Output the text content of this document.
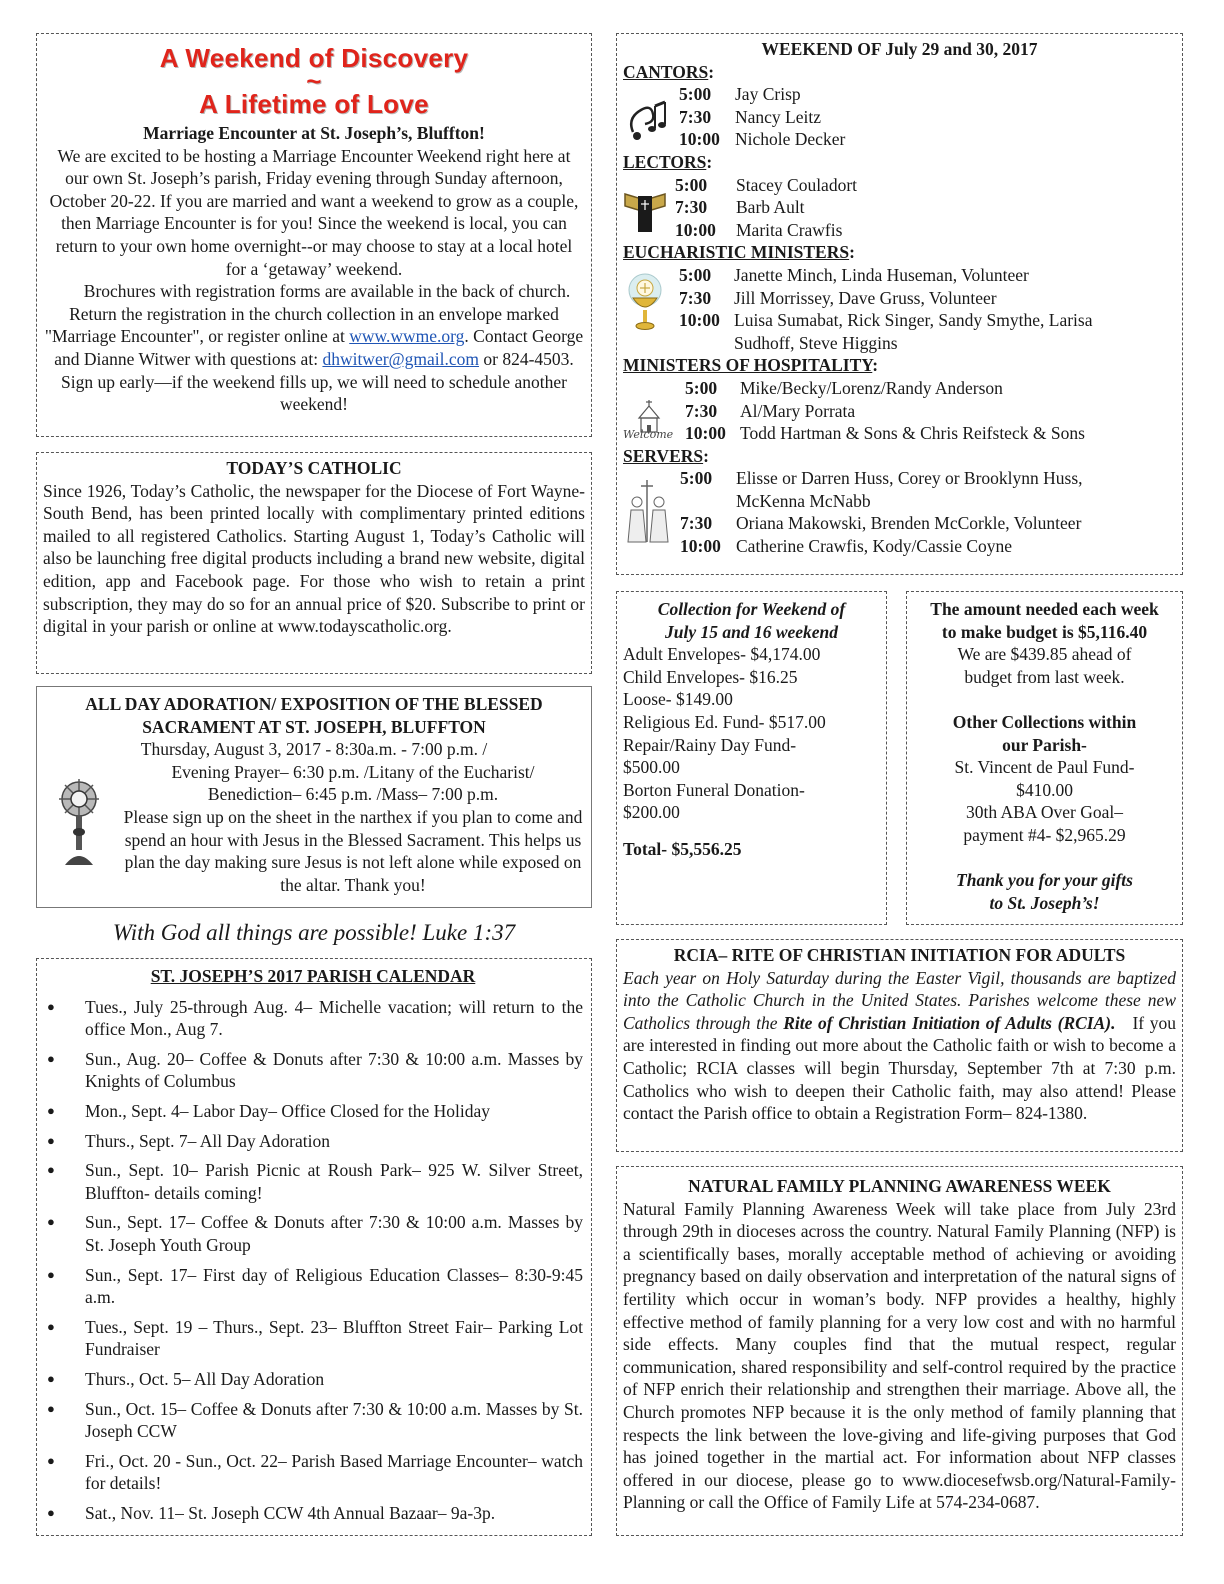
A Weekend of Discovery
~
A Lifetime of Love
Marriage Encounter at St. Joseph’s, Bluffton!
We are excited to be hosting a Marriage Encounter Weekend right here at our own St. Joseph’s parish, Friday evening through Sunday afternoon, October 20-22. If you are married and want a weekend to grow as a couple, then Marriage Encounter is for you! Since the weekend is local, you can return to your own home overnight--or may choose to stay at a local hotel for a ‘getaway’ weekend.
Brochures with registration forms are available in the back of church. Return the registration in the church collection in an envelope marked "Marriage Encounter", or register online at www.wwme.org. Contact George and Dianne Witwer with questions at: dhwitwer@gmail.com or 824-4503. Sign up early—if the weekend fills up, we will need to schedule another weekend!
TODAY’S CATHOLIC
Since 1926, Today’s Catholic, the newspaper for the Diocese of Fort Wayne-South Bend, has been printed locally with complimentary printed editions mailed to all registered Catholics. Starting August 1, Today’s Catholic will also be launching free digital products including a brand new website, digital edition, app and Facebook page. For those who wish to retain a print subscription, they may do so for an annual price of $20. Subscribe to print or digital in your parish or online at www.todayscatholic.org.
ALL DAY ADORATION/ EXPOSITION OF THE BLESSED
SACRAMENT AT ST. JOSEPH, BLUFFTON
Thursday, August 3, 2017 - 8:30a.m. - 7:00 p.m. /
Evening Prayer– 6:30 p.m. /Litany of the Eucharist/
Benediction– 6:45 p.m. /Mass– 7:00 p.m.
Please sign up on the sheet in the narthex if you plan to come and spend an hour with Jesus in the Blessed Sacrament. This helps us plan the day making sure Jesus is not left alone while exposed on the altar. Thank you!
With God all things are possible! Luke 1:37
ST. JOSEPH’S 2017 PARISH CALENDAR
● Tues., July 25-through Aug. 4– Michelle vacation; will return to the office Mon., Aug 7.
● Sun., Aug. 20– Coffee & Donuts after 7:30 & 10:00 a.m. Masses by Knights of Columbus
● Mon., Sept. 4– Labor Day– Office Closed for the Holiday
● Thurs., Sept. 7– All Day Adoration
● Sun., Sept. 10– Parish Picnic at Roush Park– 925 W. Silver Street, Bluffton- details coming!
● Sun., Sept. 17– Coffee & Donuts after 7:30 & 10:00 a.m. Masses by St. Joseph Youth Group
● Sun., Sept. 17– First day of Religious Education Classes– 8:30-9:45 a.m.
● Tues., Sept. 19 – Thurs., Sept. 23– Bluffton Street Fair– Parking Lot Fundraiser
● Thurs., Oct. 5– All Day Adoration
● Sun., Oct. 15– Coffee & Donuts after 7:30 & 10:00 a.m. Masses by St. Joseph CCW
● Fri., Oct. 20 - Sun., Oct. 22– Parish Based Marriage Encounter– watch for details!
● Sat., Nov. 11– St. Joseph CCW 4th Annual Bazaar– 9a-3p.
WEEKEND OF July 29 and 30, 2017
CANTORS:
5:00 Jay Crisp
7:30 Nancy Leitz
10:00 Nichole Decker
LECTORS:
5:00 Stacey Couladort
7:30 Barb Ault
10:00 Marita Crawfis
EUCHARISTIC MINISTERS:
5:00 Janette Minch, Linda Huseman, Volunteer
7:30 Jill Morrissey, Dave Gruss, Volunteer
10:00 Luisa Sumabat, Rick Singer, Sandy Smythe, Larisa
Sudhoff, Steve Higgins
MINISTERS OF HOSPITALITY:
5:00 Mike/Becky/Lorenz/Randy Anderson
7:30 Al/Mary Porrata
10:00 Todd Hartman & Sons & Chris Reifsteck & Sons
SERVERS:
5:00 Elisse or Darren Huss, Corey or Brooklynn Huss,
McKenna McNabb
7:30 Oriana Makowski, Brenden McCorkle, Volunteer
10:00 Catherine Crawfis, Kody/Cassie Coyne
Welcome
Collection for Weekend of
July 15 and 16 weekend
Adult Envelopes- $4,174.00
Child Envelopes- $16.25
Loose- $149.00
Religious Ed. Fund- $517.00
Repair/Rainy Day Fund-
$500.00
Borton Funeral Donation-
$200.00
Total- $5,556.25
The amount needed each week
to make budget is $5,116.40
We are $439.85 ahead of
budget from last week.
Other Collections within
our Parish-
St. Vincent de Paul Fund-
$410.00
30th ABA Over Goal–
payment #4- $2,965.29
Thank you for your gifts
to St. Joseph’s!
RCIA– RITE OF CHRISTIAN INITIATION FOR ADULTS
Each year on Holy Saturday during the Easter Vigil, thousands are baptized into the Catholic Church in the United States. Parishes welcome these new Catholics through the Rite of Christian Initiation of Adults (RCIA). If you are interested in finding out more about the Catholic faith or wish to become a Catholic; RCIA classes will begin Thursday, September 7th at 7:30 p.m. Catholics who wish to deepen their Catholic faith, may also attend! Please contact the Parish office to obtain a Registration Form– 824-1380.
NATURAL FAMILY PLANNING AWARENESS WEEK
Natural Family Planning Awareness Week will take place from July 23rd through 29th in dioceses across the country. Natural Family Planning (NFP) is a scientifically bases, morally acceptable method of achieving or avoiding pregnancy based on daily observation and interpretation of the natural signs of fertility which occur in woman’s body. NFP provides a healthy, highly effective method of family planning for a very low cost and with no harmful side effects. Many couples find that the mutual respect, regular communication, shared responsibility and self-control required by the practice of NFP enrich their relationship and strengthen their marriage. Above all, the Church promotes NFP because it is the only method of family planning that respects the link between the love-giving and life-giving purposes that God has joined together in the martial act. For information about NFP classes offered in our diocese, please go to www.diocesefwsb.org/Natural-Family-Planning or call the Office of Family Life at 574-234-0687.
